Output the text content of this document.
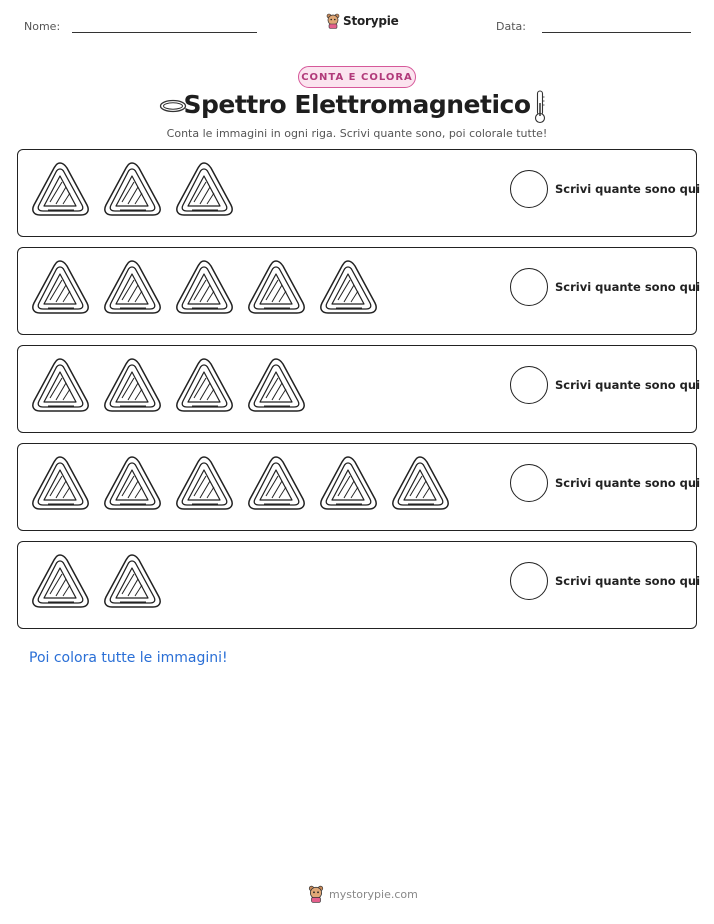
Nome:	Storypie	Data:
CONTA E COLORA
Spettro Elettromagnetico
Conta le immagini in ogni riga. Scrivi quante sono, poi colorale tutte!
Scrivi quante sono qui
Scrivi quante sono qui
Scrivi quante sono qui
Scrivi quante sono qui
Scrivi quante sono qui
Poi colora tutte le immagini!
mystorypie.com
